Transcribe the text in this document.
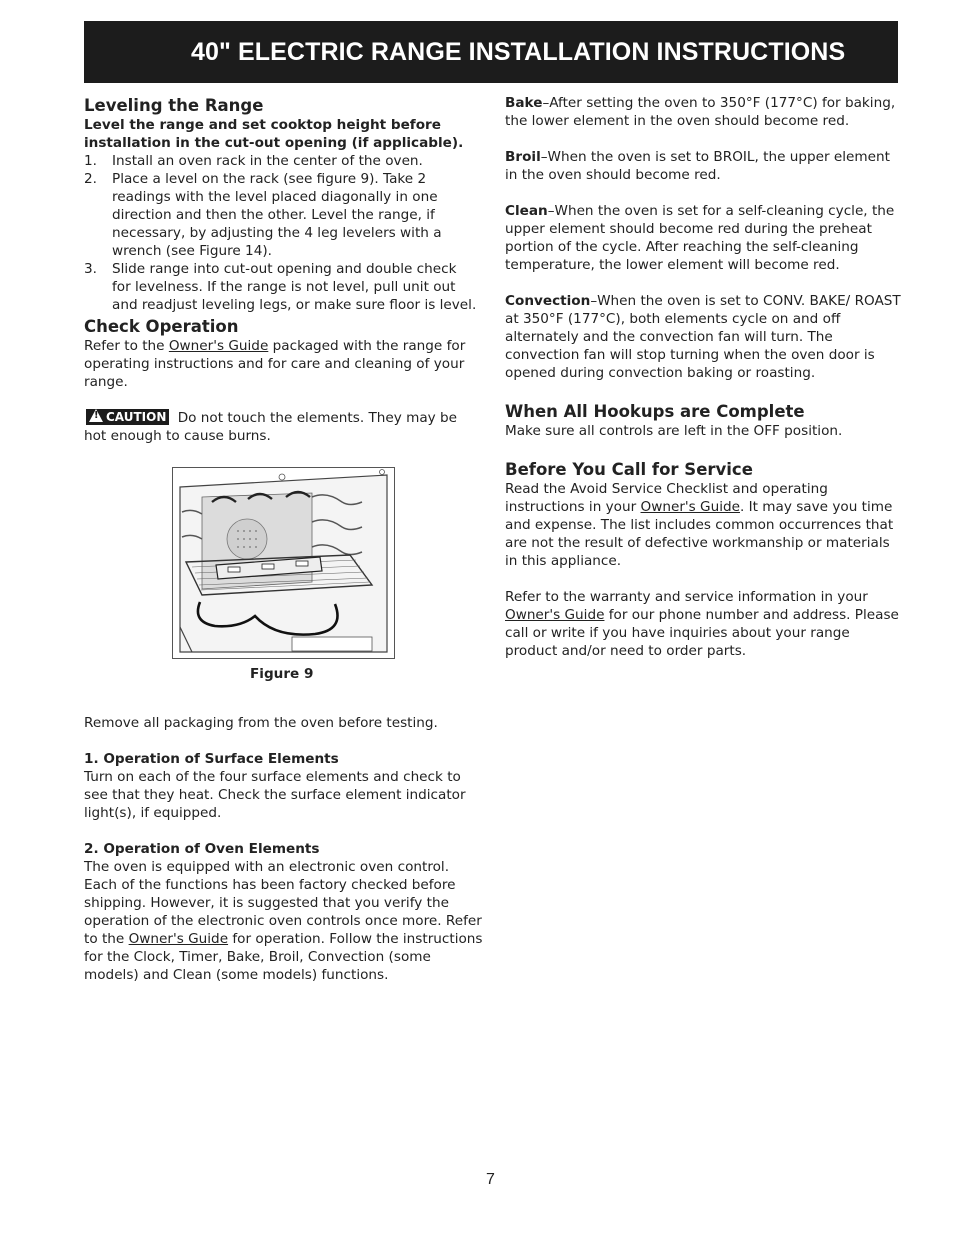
40" ELECTRIC RANGE INSTALLATION INSTRUCTIONS
Leveling the Range

Level the range and set cooktop height before installation in the cut-out opening (if applicable).

1. Install an oven rack in the center of the oven.
2. Place a level on the rack (see figure 9). Take 2 readings with the level placed diagonally in one direction and then the other. Level the range, if necessary, by adjusting the 4 leg levelers with a wrench (see Figure 14).
3. Slide range into cut-out opening and double check for levelness. If the range is not level, pull unit out and readjust leveling legs, or make sure floor is level.
Check Operation

Refer to the Owner's Guide packaged with the range for operating instructions and for care and cleaning of your range.

! CAUTION Do not touch the elements. They may be hot enough to cause burns.

Figure 9

Remove all packaging from the oven before testing.

1. Operation of Surface Elements

Turn on each of the four surface elements and check to see that they heat. Check the surface element indicator light(s), if equipped.

2. Operation of Oven Elements

The oven is equipped with an electronic oven control. Each of the functions has been factory checked before shipping. However, it is suggested that you verify the operation of the electronic oven controls once more. Refer to the Owner's Guide for operation. Follow the instructions for the Clock, Timer, Bake, Broil, Convection (some models) and Clean (some models) functions.

Bake–After setting the oven to 350°F (177°C) for baking, the lower element in the oven should become red.

Broil–When the oven is set to BROIL, the upper element in the oven should become red.

Clean–When the oven is set for a self-cleaning cycle, the upper element should become red during the preheat portion of the cycle. After reaching the self-cleaning temperature, the lower element will become red.

Convection–When the oven is set to CONV. BAKE/ ROAST at 350°F (177°C), both elements cycle on and off alternately and the convection fan will turn. The convection fan will stop turning when the oven door is opened during convection baking or roasting.

When All Hookups are Complete

Make sure all controls are left in the OFF position.

Before You Call for Service

Read the Avoid Service Checklist and operating instructions in your Owner's Guide. It may save you time and expense. The list includes common occurrences that are not the result of defective workmanship or materials in this appliance.

Refer to the warranty and service information in your Owner's Guide for our phone number and address. Please call or write if you have inquiries about your range product and/or need to order parts.

7
